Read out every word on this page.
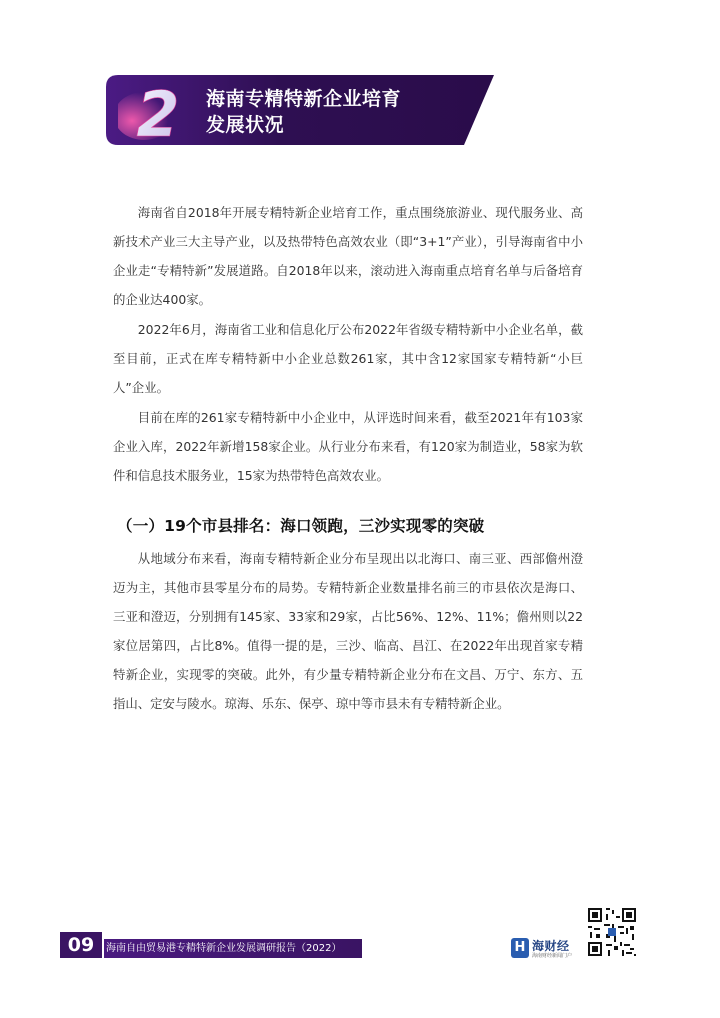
2 海南专精特新企业培育
发展状况

海南省自2018年开展专精特新企业培育工作，重点围绕旅游业、现代服务业、高新技术产业三大主导产业，以及热带特色高效农业（即“3+1”产业），引导海南省中小企业走“专精特新”发展道路。自2018年以来，滚动进入海南重点培育名单与后备培育的企业达400家。

2022年6月，海南省工业和信息化厅公布2022年省级专精特新中小企业名单，截至目前，正式在库专精特新中小企业总数261家，其中含12家国家专精特新“小巨人”企业。

目前在库的261家专精特新中小企业中，从评选时间来看，截至2021年有103家企业入库，2022年新增158家企业。从行业分布来看，有120家为制造业，58家为软件和信息技术服务业，15家为热带特色高效农业。

（一）19个市县排名：海口领跑，三沙实现零的突破

从地域分布来看，海南专精特新企业分布呈现出以北海口、南三亚、西部儋州澄迈为主，其他市县零星分布的局势。专精特新企业数量排名前三的市县依次是海口、三亚和澄迈，分别拥有145家、33家和29家，占比56%、12%、11%；儋州则以22家位居第四，占比8%。值得一提的是，三沙、临高、昌江、在2022年出现首家专精特新企业，实现零的突破。此外，有少量专精特新企业分布在文昌、万宁、东方、五指山、定安与陵水。琼海、乐东、保亭、琼中等市县未有专精特新企业。

09	海南自由贸易港专精特新企业发展调研报告（2022）	H 海财经
海南财经新闻门户
